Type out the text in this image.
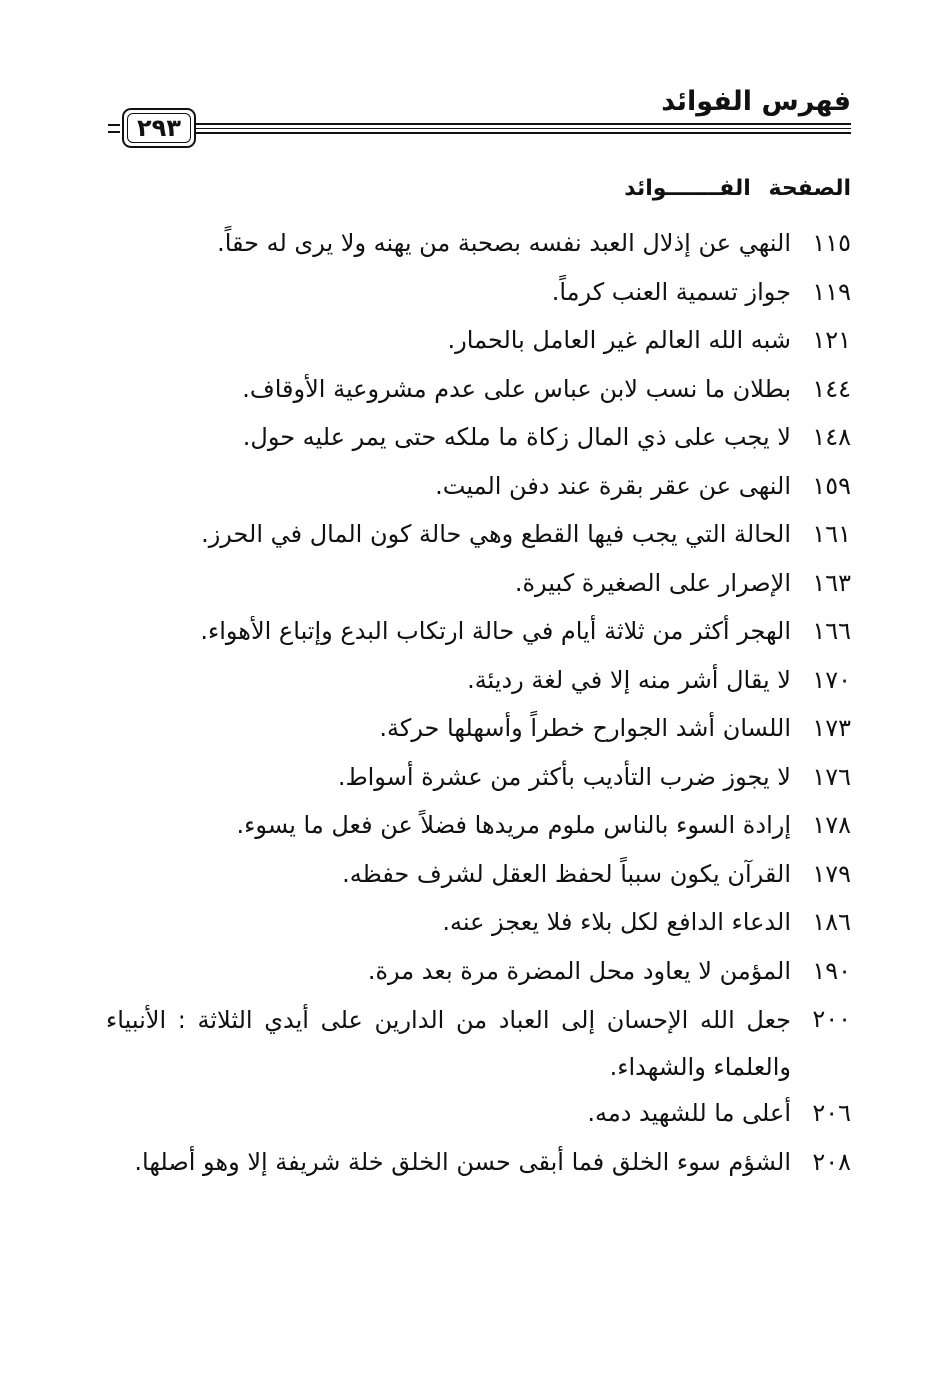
فهرس الفوائد
٢٩٣
الصفحة الفـــــــوائد
١١٥
النهي عن إذلال العبد نفسه بصحبة من يهنه ولا يرى له حقاً.
١١٩
جواز تسمية العنب كرماً.
١٢١
شبه الله العالم غير العامل بالحمار.
١٤٤
بطلان ما نسب لابن عباس على عدم مشروعية الأوقاف.
١٤٨
لا يجب على ذي المال زكاة ما ملكه حتى يمر عليه حول.
١٥٩
النهى عن عقر بقرة عند دفن الميت.
١٦١
الحالة التي يجب فيها القطع وهي حالة كون المال في الحرز.
١٦٣
الإصرار على الصغيرة كبيرة.
١٦٦
الهجر أكثر من ثلاثة أيام في حالة ارتكاب البدع وإتباع الأهواء.
١٧٠
لا يقال أشر منه إلا في لغة رديئة.
١٧٣
اللسان أشد الجوارح خطراً وأسهلها حركة.
١٧٦
لا يجوز ضرب التأديب بأكثر من عشرة أسواط.
١٧٨
إرادة السوء بالناس ملوم مريدها فضلاً عن فعل ما يسوء.
١٧٩
القرآن يكون سبباً لحفظ العقل لشرف حفظه.
١٨٦
الدعاء الدافع لكل بلاء فلا يعجز عنه.
١٩٠
المؤمن لا يعاود محل المضرة مرة بعد مرة.
٢٠٠
جعل الله الإحسان إلى العباد من الدارين على أيدي الثلاثة : الأنبياء والعلماء والشهداء.
٢٠٦
أعلى ما للشهيد دمه.
٢٠٨
الشؤم سوء الخلق فما أبقى حسن الخلق خلة شريفة إلا وهو أصلها.
